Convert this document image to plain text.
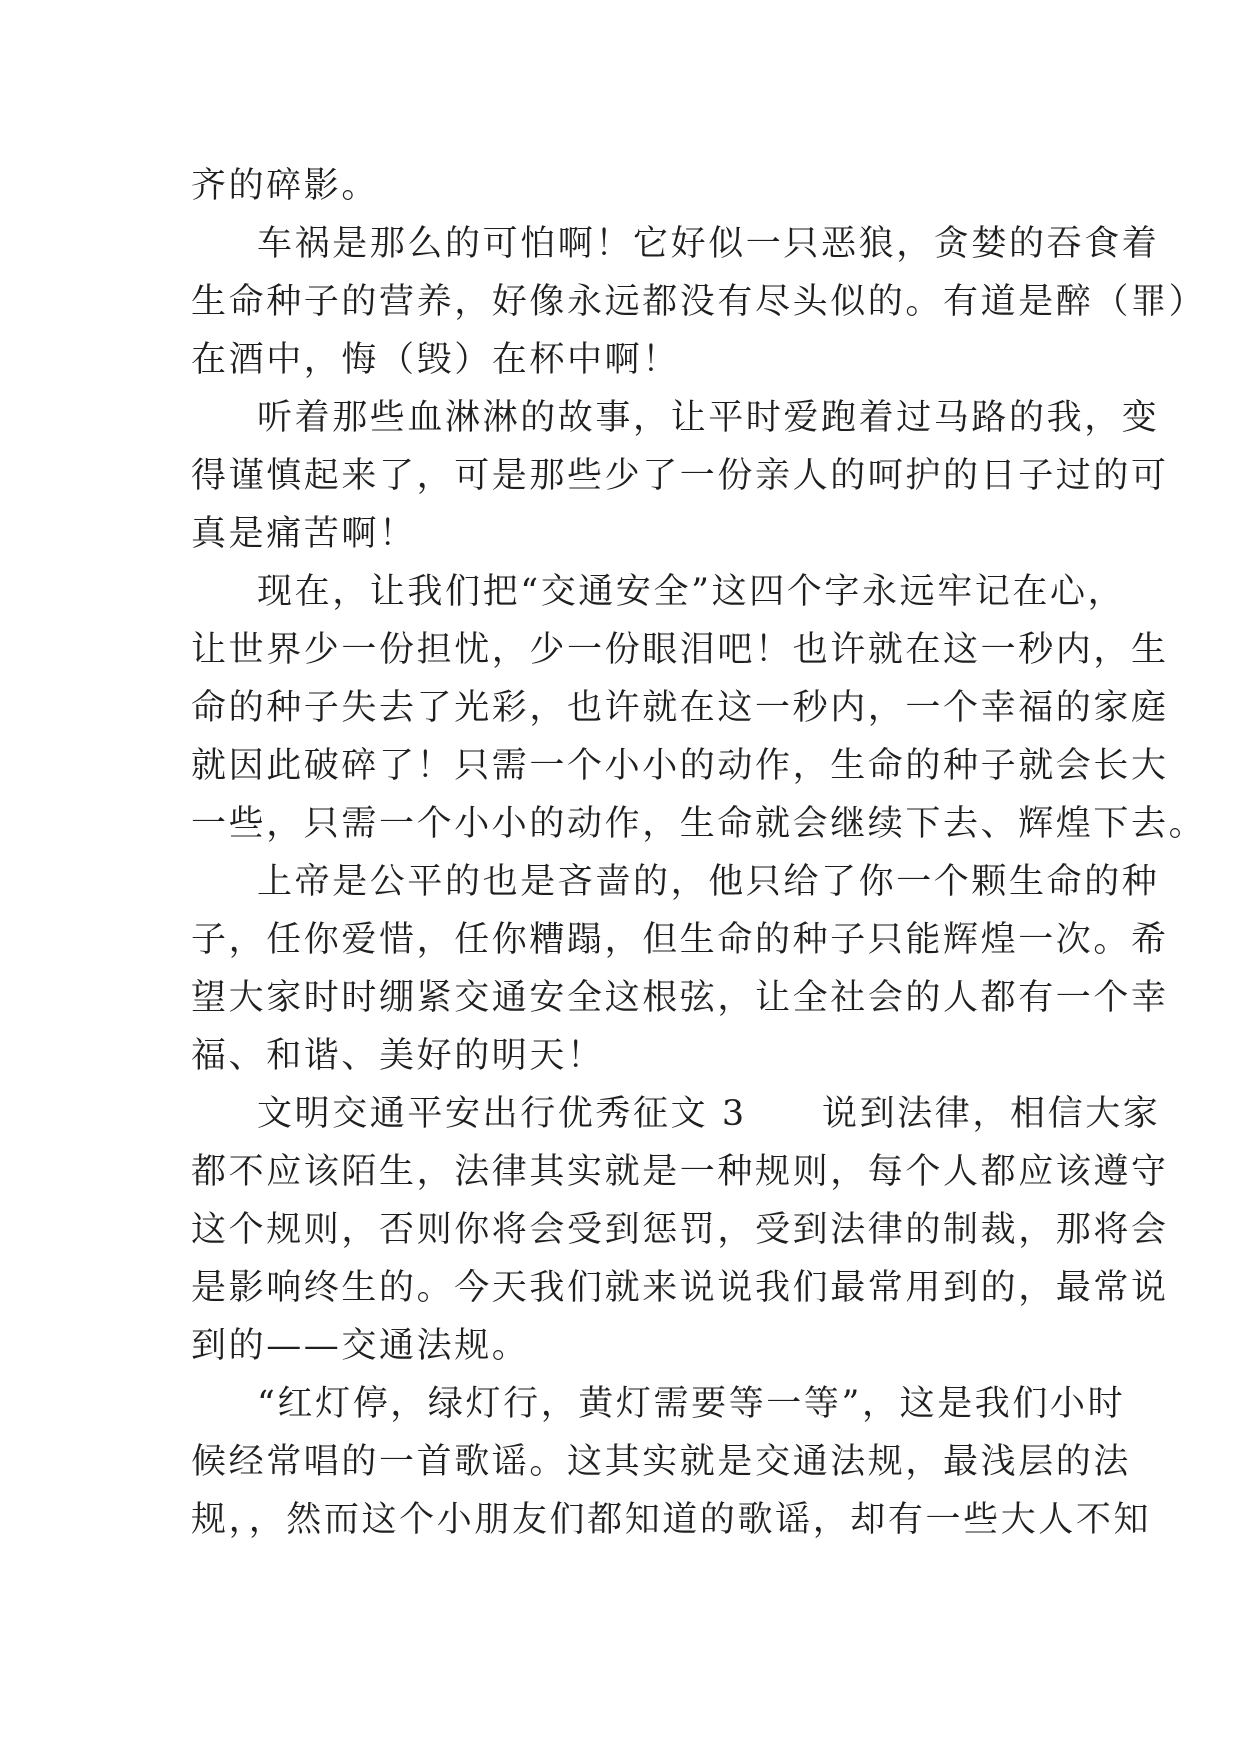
齐的碎影。
车祸是那么的可怕啊！它好似一只恶狼，贪婪的吞食着
生命种子的营养，好像永远都没有尽头似的。有道是醉（罪）
在酒中，悔（毁）在杯中啊！
听着那些血淋淋的故事，让平时爱跑着过马路的我，变
得谨慎起来了，可是那些少了一份亲人的呵护的日子过的可
真是痛苦啊！
现在，让我们把“交通安全”这四个字永远牢记在心，
让世界少一份担忧，少一份眼泪吧！也许就在这一秒内，生
命的种子失去了光彩，也许就在这一秒内，一个幸福的家庭
就因此破碎了！只需一个小小的动作，生命的种子就会长大
一些，只需一个小小的动作，生命就会继续下去、辉煌下去。
上帝是公平的也是吝啬的，他只给了你一个颗生命的种
子，任你爱惜，任你糟蹋，但生命的种子只能辉煌一次。希
望大家时时绷紧交通安全这根弦，让全社会的人都有一个幸
福、和谐、美好的明天！
文明交通平安出行优秀征文 3　　说到法律，相信大家
都不应该陌生，法律其实就是一种规则，每个人都应该遵守
这个规则，否则你将会受到惩罚，受到法律的制裁，那将会
是影响终生的。今天我们就来说说我们最常用到的，最常说
到的——交通法规。
“红灯停，绿灯行，黄灯需要等一等”，这是我们小时
候经常唱的一首歌谣。这其实就是交通法规，最浅层的法
规，，然而这个小朋友们都知道的歌谣，却有一些大人不知
